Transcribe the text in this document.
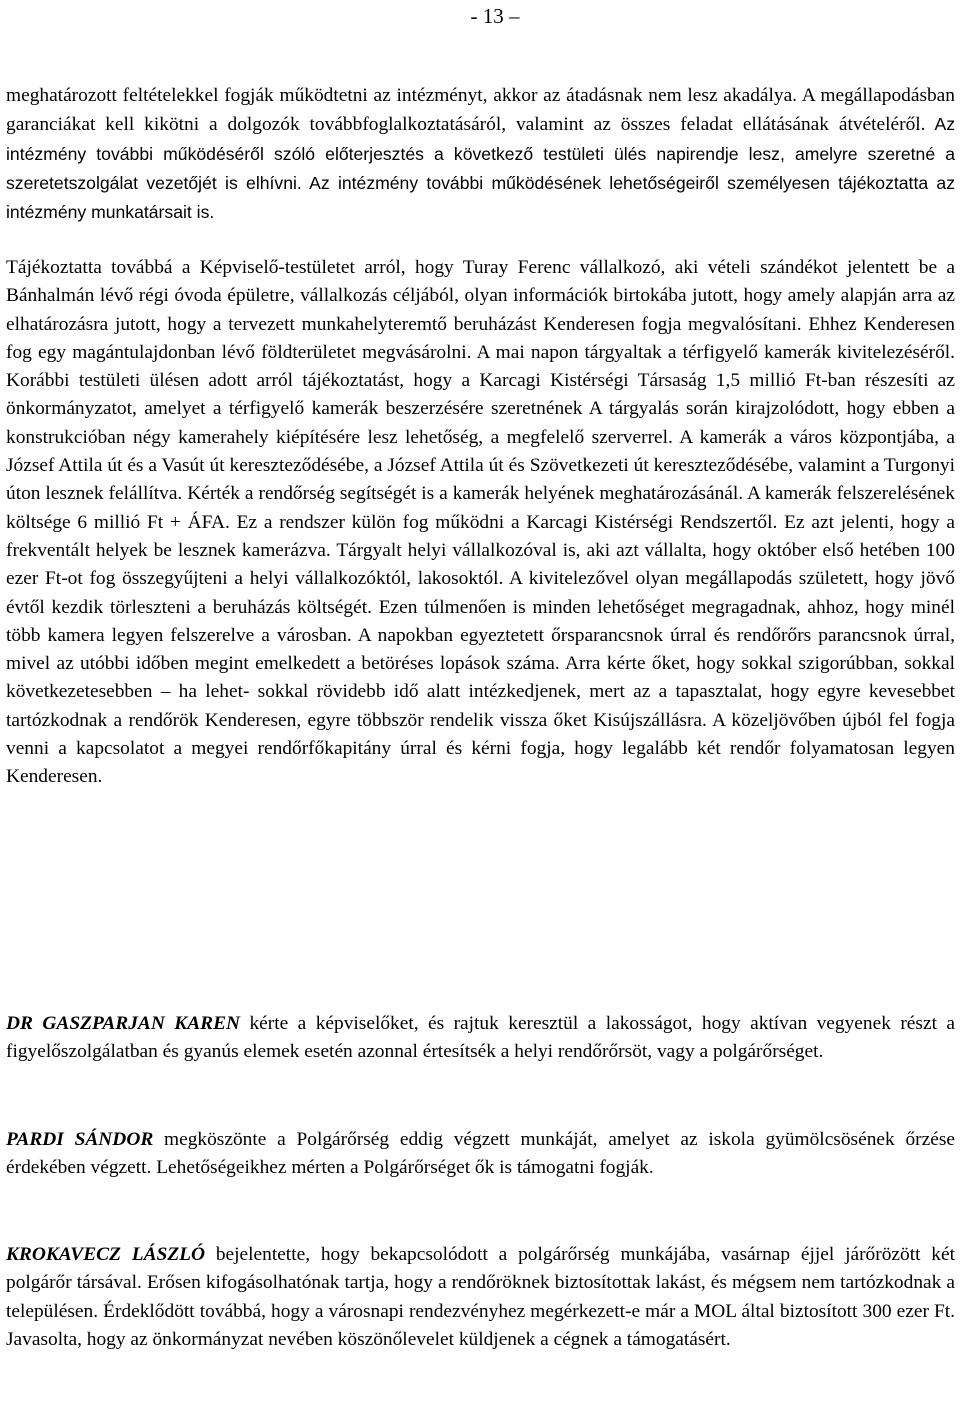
- 13 –

meghatározott feltételekkel fogják működtetni az intézményt, akkor az átadásnak nem lesz akadálya. A megállapodásban garanciákat kell kikötni a dolgozók továbbfoglalkoztatásáról, valamint az összes feladat ellátásának átvételéről. Az intézmény további működéséről szóló előterjesztés a következő testületi ülés napirendje lesz, amelyre szeretné a szeretetszolgálat vezetőjét is elhívni. Az intézmény további működésének lehetőségeiről személyesen tájékoztatta az intézmény munkatársait is.

Tájékoztatta továbbá a Képviselő-testületet arról, hogy Turay Ferenc vállalkozó, aki vételi szándékot jelentett be a Bánhalmán lévő régi óvoda épületre, vállalkozás céljából, olyan információk birtokába jutott, hogy amely alapján arra az elhatározásra jutott, hogy a tervezett munkahelyteremtő beruházást Kenderesen fogja megvalósítani. Ehhez Kenderesen fog egy magántulajdonban lévő földterületet megvásárolni. A mai napon tárgyaltak a térfigyelő kamerák kivitelezéséről. Korábbi testületi ülésen adott arról tájékoztatást, hogy a Karcagi Kistérségi Társaság 1,5 millió Ft-ban részesíti az önkormányzatot, amelyet a térfigyelő kamerák beszerzésére szeretnének A tárgyalás során kirajzolódott, hogy ebben a konstrukcióban négy kamerahely kiépítésére lesz lehetőség, a megfelelő szerverrel. A kamerák a város központjába, a József Attila út és a Vasút út kereszteződésébe, a József Attila út és Szövetkezeti út kereszteződésébe, valamint a Turgonyi úton lesznek felállítva. Kérték a rendőrség segítségét is a kamerák helyének meghatározásánál. A kamerák felszerelésének költsége 6 millió Ft + ÁFA. Ez a rendszer külön fog működni a Karcagi Kistérségi Rendszertől. Ez azt jelenti, hogy a frekventált helyek be lesznek kamerázva. Tárgyalt helyi vállalkozóval is, aki azt vállalta, hogy október első hetében 100 ezer Ft-ot fog összegyűjteni a helyi vállalkozóktól, lakosoktól. A kivitelezővel olyan megállapodás született, hogy jövő évtől kezdik törleszteni a beruházás költségét. Ezen túlmenően is minden lehetőséget megragadnak, ahhoz, hogy minél több kamera legyen felszerelve a városban. A napokban egyeztetett őrsparancsnok úrral és rendőrőrs parancsnok úrral, mivel az utóbbi időben megint emelkedett a betöréses lopások száma. Arra kérte őket, hogy sokkal szigorúbban, sokkal következetesebben – ha lehet- sokkal rövidebb idő alatt intézkedjenek, mert az a tapasztalat, hogy egyre kevesebbet tartózkodnak a rendőrök Kenderesen, egyre többször rendelik vissza őket Kisújszállásra. A közeljövőben újból fel fogja venni a kapcsolatot a megyei rendőrfőkapitány úrral és kérni fogja, hogy legalább két rendőr folyamatosan legyen Kenderesen.

DR GASZPARJAN KAREN kérte a képviselőket, és rajtuk keresztül a lakosságot, hogy aktívan vegyenek részt a figyelőszolgálatban és gyanús elemek esetén azonnal értesítsék a helyi rendőrőrsöt, vagy a polgárőrséget.

PARDI SÁNDOR megköszönte a Polgárőrség eddig végzett munkáját, amelyet az iskola gyümölcsösének őrzése érdekében végzett. Lehetőségeikhez mérten a Polgárőrséget ők is támogatni fogják.

KROKAVECZ LÁSZLÓ bejelentette, hogy bekapcsolódott a polgárőrség munkájába, vasárnap éjjel járőrözött két polgárőr társával. Erősen kifogásolhatónak tartja, hogy a rendőröknek biztosítottak lakást, és mégsem nem tartózkodnak a településen. Érdeklődött továbbá, hogy a városnapi rendezvényhez megérkezett-e már a MOL által biztosított 300 ezer Ft. Javasolta, hogy az önkormányzat nevében köszönőlevelet küldjenek a cégnek a támogatásért.
